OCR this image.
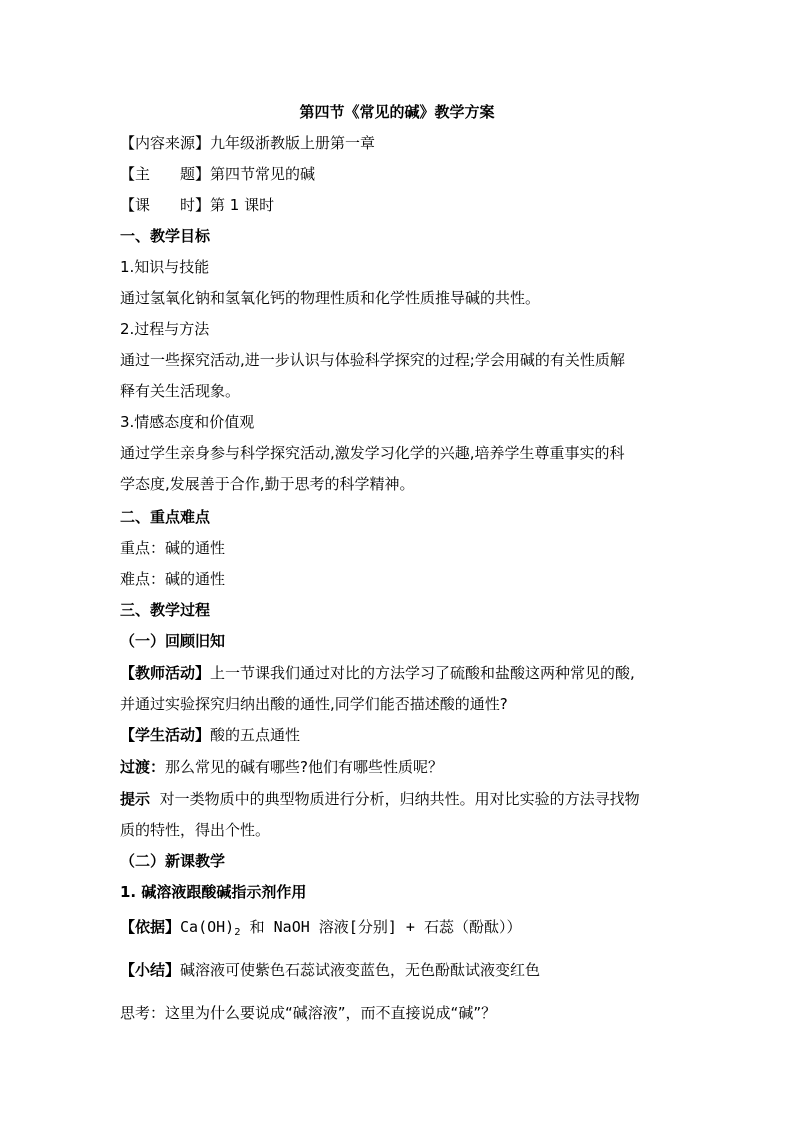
第四节《常见的碱》教学方案
【内容来源】九年级浙教版上册第一章
【主　　题】第四节常见的碱
【课　　时】第 1 课时
一、教学目标
1.知识与技能
通过氢氧化钠和氢氧化钙的物理性质和化学性质推导碱的共性。
2.过程与方法
通过一些探究活动,进一步认识与体验科学探究的过程;学会用碱的有关性质解
释有关生活现象。
3.情感态度和价值观
通过学生亲身参与科学探究活动,激发学习化学的兴趣,培养学生尊重事实的科
学态度,发展善于合作,勤于思考的科学精神。
二、重点难点
重点：碱的通性
难点：碱的通性
三、教学过程
（一）回顾旧知
【教师活动】上一节课我们通过对比的方法学习了硫酸和盐酸这两种常见的酸,
并通过实验探究归纳出酸的通性,同学们能否描述酸的通性?
【学生活动】酸的五点通性
过渡：那么常见的碱有哪些?他们有哪些性质呢？
提示 对一类物质中的典型物质进行分析，归纳共性。用对比实验的方法寻找物
质的特性，得出个性。
（二）新课教学
1. 碱溶液跟酸碱指示剂作用
【依据】$Ca(OH)_2$ 和 NaOH 溶液[分别] + 石蕊（酚酞））
【小结】碱溶液可使紫色石蕊试液变蓝色，无色酚酞试液变红色
思考：这里为什么要说成“碱溶液”，而不直接说成“碱”？
